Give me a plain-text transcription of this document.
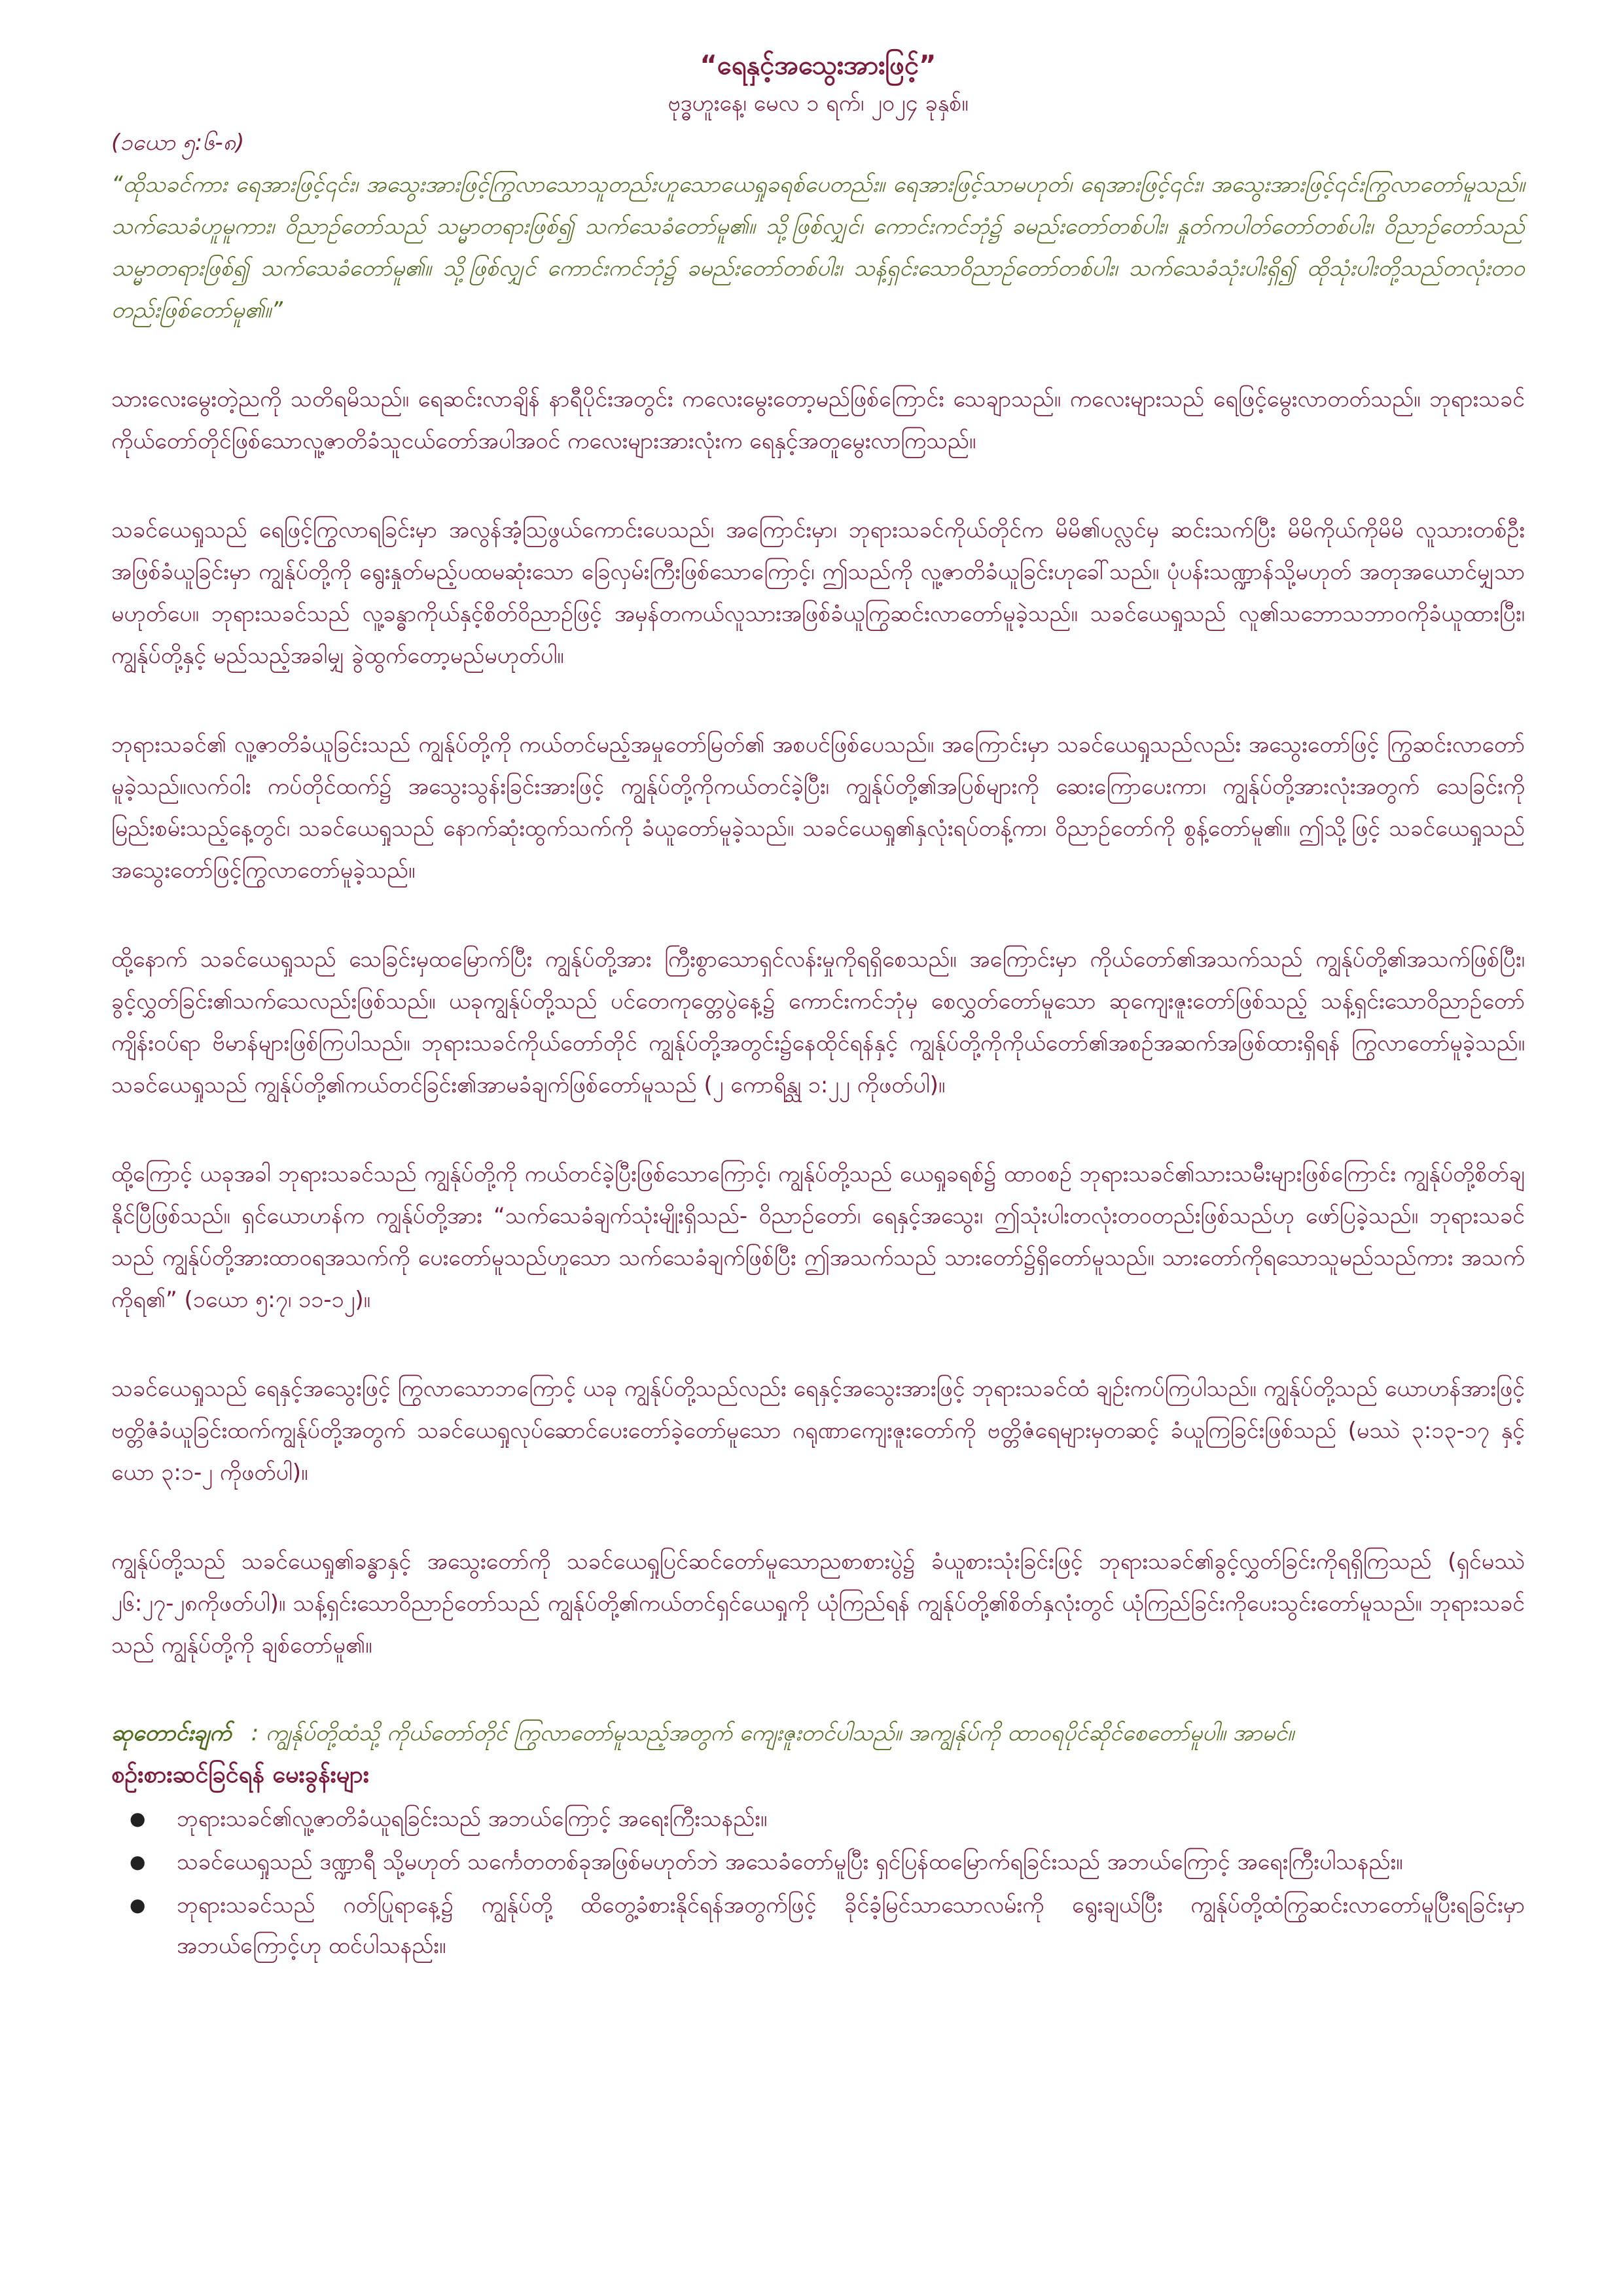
“ရေနှင့်အသွေးအားဖြင့်”

ဗုဒ္ဓဟူးနေ့၊ မေလ ၁ ရက်၊ ၂၀၂၄ ခုနှစ်။

(၁ယော ၅:၆-၈)

“ထိုသခင်ကား ရေအားဖြင့်၎င်း၊ အသွေးအားဖြင့်ကြွလာသောသူတည်းဟူသောယေရှုခရစ်ပေတည်း။ ရေအားဖြင့်သာမဟုတ်၊ ရေအားဖြင့်၎င်း၊ အသွေးအားဖြင့်၎င်းကြွလာတော်မူသည်။ သက်သေခံဟူမူကား၊ ဝိညာဉ်တော်သည် သမ္မာတရားဖြစ်၍ သက်သေခံတော်မူ၏။ သို့ဖြစ်လျှင်၊ ကောင်းကင်ဘုံ၌ ခမည်းတော်တစ်ပါး၊ နှုတ်ကပါတ်တော်တစ်ပါး၊ ဝိညာဉ်တော်သည် သမ္မာတရားဖြစ်၍ သက်သေခံတော်မူ၏။ သို့ဖြစ်လျှင် ကောင်းကင်ဘုံ၌ ခမည်းတော်တစ်ပါး၊ သန့်ရှင်းသောဝိညာဉ်တော်တစ်ပါး၊ သက်သေခံသုံးပါးရှိ၍ ထိုသုံးပါးတို့သည်တလုံးတဝတည်းဖြစ်တော်မူ၏။”

သားလေးမွေးတဲ့ညကို သတိရမိသည်။ ရေဆင်းလာချိန် နာရီပိုင်းအတွင်း ကလေးမွေးတော့မည်ဖြစ်ကြောင်း သေချာသည်။ ကလေးများသည် ရေဖြင့်မွေးလာတတ်သည်။ ဘုရားသခင်ကိုယ်တော်တိုင်ဖြစ်သောလူ့ဇာတိခံသူငယ်တော်အပါအဝင် ကလေးများအားလုံးက ရေနှင့်အတူမွေးလာကြသည်။

သခင်ယေရှုသည် ရေဖြင့်ကြွလာရခြင်းမှာ အလွန်အံ့သြဖွယ်ကောင်းပေသည်၊ အကြောင်းမှာ၊ ဘုရားသခင်ကိုယ်တိုင်က မိမိ၏ပလ္လင်မှ ဆင်းသက်ပြီး မိမိကိုယ်ကိုမိမိ လူသားတစ်ဦးအဖြစ်ခံယူခြင်းမှာ ကျွန်ုပ်တို့ကို ရွေးနှုတ်မည့်ပထမဆုံးသော ခြေလှမ်းကြီးဖြစ်သောကြောင့်၊ ဤသည်ကို လူ့ဇာတိခံယူခြင်းဟုခေါ်သည်။ ပုံပန်းသဏ္ဍာန်သို့မဟုတ် အတုအယောင်မျှသာမဟုတ်ပေ။ ဘုရားသခင်သည် လူ့ခန္ဓာကိုယ်နှင့်စိတ်ဝိညာဉ်ဖြင့် အမှန်တကယ်လူသားအဖြစ်ခံယူကြွဆင်းလာတော်မူခဲ့သည်။ သခင်ယေရှုသည် လူ၏သဘောသဘာဝကိုခံယူထားပြီး၊ ကျွန်ုပ်တို့နှင့် မည်သည့်အခါမျှ ခွဲထွက်တော့မည်မဟုတ်ပါ။

ဘုရားသခင်၏ လူ့ဇာတိခံယူခြင်းသည် ကျွန်ုပ်တို့ကို ကယ်တင်မည့်အမှုတော်မြတ်၏ အစပင်ဖြစ်ပေသည်။ အကြောင်းမှာ သခင်ယေရှုသည်လည်း အသွေးတော်ဖြင့် ကြွဆင်းလာတော်မူခဲ့သည်။လက်ဝါး ကပ်တိုင်ထက်၌ အသွေးသွန်းခြင်းအားဖြင့် ကျွန်ုပ်တို့ကိုကယ်တင်ခဲ့ပြီး၊ ကျွန်ုပ်တို့၏အပြစ်များကို ဆေးကြောပေးကာ၊ ကျွန်ုပ်တို့အားလုံးအတွက် သေခြင်းကိုမြည်းစမ်းသည့်နေ့တွင်၊ သခင်ယေရှုသည် နောက်ဆုံးထွက်သက်ကို ခံယူတော်မူခဲ့သည်။ သခင်ယေရှု၏နှလုံးရပ်တန့်ကာ၊ ဝိညာဉ်တော်ကို စွန့်တော်မူ၏။ ဤသို့ဖြင့် သခင်ယေရှုသည်အသွေးတော်ဖြင့်ကြွလာတော်မူခဲ့သည်။

ထို့နောက် သခင်ယေရှုသည် သေခြင်းမှထမြောက်ပြီး ကျွန်ုပ်တို့အား ကြီးစွာသောရှင်လန်းမှုကိုရရှိစေသည်။ အကြောင်းမှာ ကိုယ်တော်၏အသက်သည် ကျွန်ုပ်တို့၏အသက်ဖြစ်ပြီး၊ ခွင့်လွှတ်ခြင်း၏သက်သေလည်းဖြစ်သည်။ ယခုကျွန်ုပ်တို့သည် ပင်တေကုတ္တေပွဲနေ့၌ ကောင်းကင်ဘုံမှ စေလွှတ်တော်မူသော ဆုကျေးဇူးတော်ဖြစ်သည့် သန့်ရှင်းသောဝိညာဉ်တော်ကျိန်းဝပ်ရာ ဗိမာန်များဖြစ်ကြပါသည်။ ဘုရားသခင်ကိုယ်တော်တိုင် ကျွန်ုပ်တို့အတွင်း၌နေထိုင်ရန်နှင့် ကျွန်ုပ်တို့ကိုကိုယ်တော်၏အစဉ်အဆက်အဖြစ်ထားရှိရန် ကြွလာတော်မူခဲ့သည်။ သခင်ယေရှုသည် ကျွန်ုပ်တို့၏ကယ်တင်ခြင်း၏အာမခံချက်ဖြစ်တော်မူသည် (၂ ကောရိန္သု ၁:၂၂ ကိုဖတ်ပါ)။

ထို့ကြောင့် ယခုအခါ ဘုရားသခင်သည် ကျွန်ုပ်တို့ကို ကယ်တင်ခဲ့ပြီးဖြစ်သောကြောင့်၊ ကျွန်ုပ်တို့သည် ယေရှုခရစ်၌ ထာဝစဉ် ဘုရားသခင်၏သားသမီးများဖြစ်ကြောင်း ကျွန်ုပ်တို့စိတ်ချနိုင်ပြီဖြစ်သည်။ ရှင်ယောဟန်က ကျွန်ုပ်တို့အား “သက်သေခံချက်သုံးမျိုးရှိသည်- ဝိညာဉ်တော်၊ ရေနှင့်အသွေး၊ ဤသုံးပါးတလုံးတဝတည်းဖြစ်သည်ဟု ဖော်ပြခဲ့သည်။ ဘုရားသခင်သည် ကျွန်ုပ်တို့အားထာဝရအသက်ကို ပေးတော်မူသည်ဟူသော သက်သေခံချက်ဖြစ်ပြီး ဤအသက်သည် သားတော်၌ရှိတော်မူသည်။ သားတော်ကိုရသောသူမည်သည်ကား အသက်ကိုရ၏” (၁ယော ၅:၇၊ ၁၁-၁၂)။

သခင်ယေရှုသည် ရေနှင့်အသွေးဖြင့် ကြွလာသောဘကြောင့် ယခု ကျွန်ုပ်တို့သည်လည်း ရေနှင့်အသွေးအားဖြင့် ဘုရားသခင်ထံ ချဉ်းကပ်ကြပါသည်။ ကျွန်ုပ်တို့သည် ယောဟန်အားဖြင့် ဗတ္တိဇံခံယူခြင်းထက်ကျွန်ုပ်တို့အတွက် သခင်ယေရှုလုပ်ဆောင်ပေးတော်ခဲ့တော်မူသော ဂရုဏာကျေးဇူးတော်ကို ဗတ္တိဇံရေများမှတဆင့် ခံယူကြခြင်းဖြစ်သည် (မဿဲ ၃:၁၃-၁၇ နှင့် ယော ၃:၁-၂ ကိုဖတ်ပါ)။

ကျွန်ုပ်တို့သည် သခင်ယေရှု၏ခန္ဓာနှင့် အသွေးတော်ကို သခင်ယေရှုပြင်ဆင်တော်မူသောညစာစားပွဲ၌ ခံယူစားသုံးခြင်းဖြင့် ဘုရားသခင်၏ခွင့်လွှတ်ခြင်းကိုရရှိကြသည် (ရှင်မဿဲ ၂၆:၂၇-၂၈ကိုဖတ်ပါ)။ သန့်ရှင်းသောဝိညာဉ်တော်သည် ကျွန်ုပ်တို့၏ကယ်တင်ရှင်ယေရှုကို ယုံကြည်ရန် ကျွန်ုပ်တို့၏စိတ်နှလုံးတွင် ယုံကြည်ခြင်းကိုပေးသွင်းတော်မူသည်။ ဘုရားသခင်သည် ကျွန်ုပ်တို့ကို ချစ်တော်မူ၏။

ဆုတောင်းချက် : ကျွန်ုပ်တို့ထံသို့ ကိုယ်တော်တိုင် ကြွလာတော်မူသည့်အတွက် ကျေးဇူးတင်ပါသည်။ အကျွန်ုပ်ကို ထာဝရပိုင်ဆိုင်စေတော်မူပါ။ အာမင်။

စဉ်းစားဆင်ခြင်ရန် မေးခွန်းများ
● ဘုရားသခင်၏လူ့ဇာတိခံယူရခြင်းသည် အဘယ်ကြောင့် အရေးကြီးသနည်း။
● သခင်ယေရှုသည် ဒဏ္ဍာရီ သို့မဟုတ် သင်္ကေတတစ်ခုအဖြစ်မဟုတ်ဘဲ အသေခံတော်မူပြီး ရှင်ပြန်ထမြောက်ရခြင်းသည် အဘယ်ကြောင့် အရေးကြီးပါသနည်း။
● ဘုရားသခင်သည် ဂတ်ပြုရာနေ့၌ ကျွန်ုပ်တို့ ထိတွေ့ခံစားနိုင်ရန်အတွက်ဖြင့် ခိုင်ခံ့မြင်သာသောလမ်းကို ရွေးချယ်ပြီး ကျွန်ုပ်တို့ထံကြွဆင်းလာတော်မူပြီးရခြင်းမှာ အဘယ်ကြောင့်ဟု ထင်ပါသနည်း။
